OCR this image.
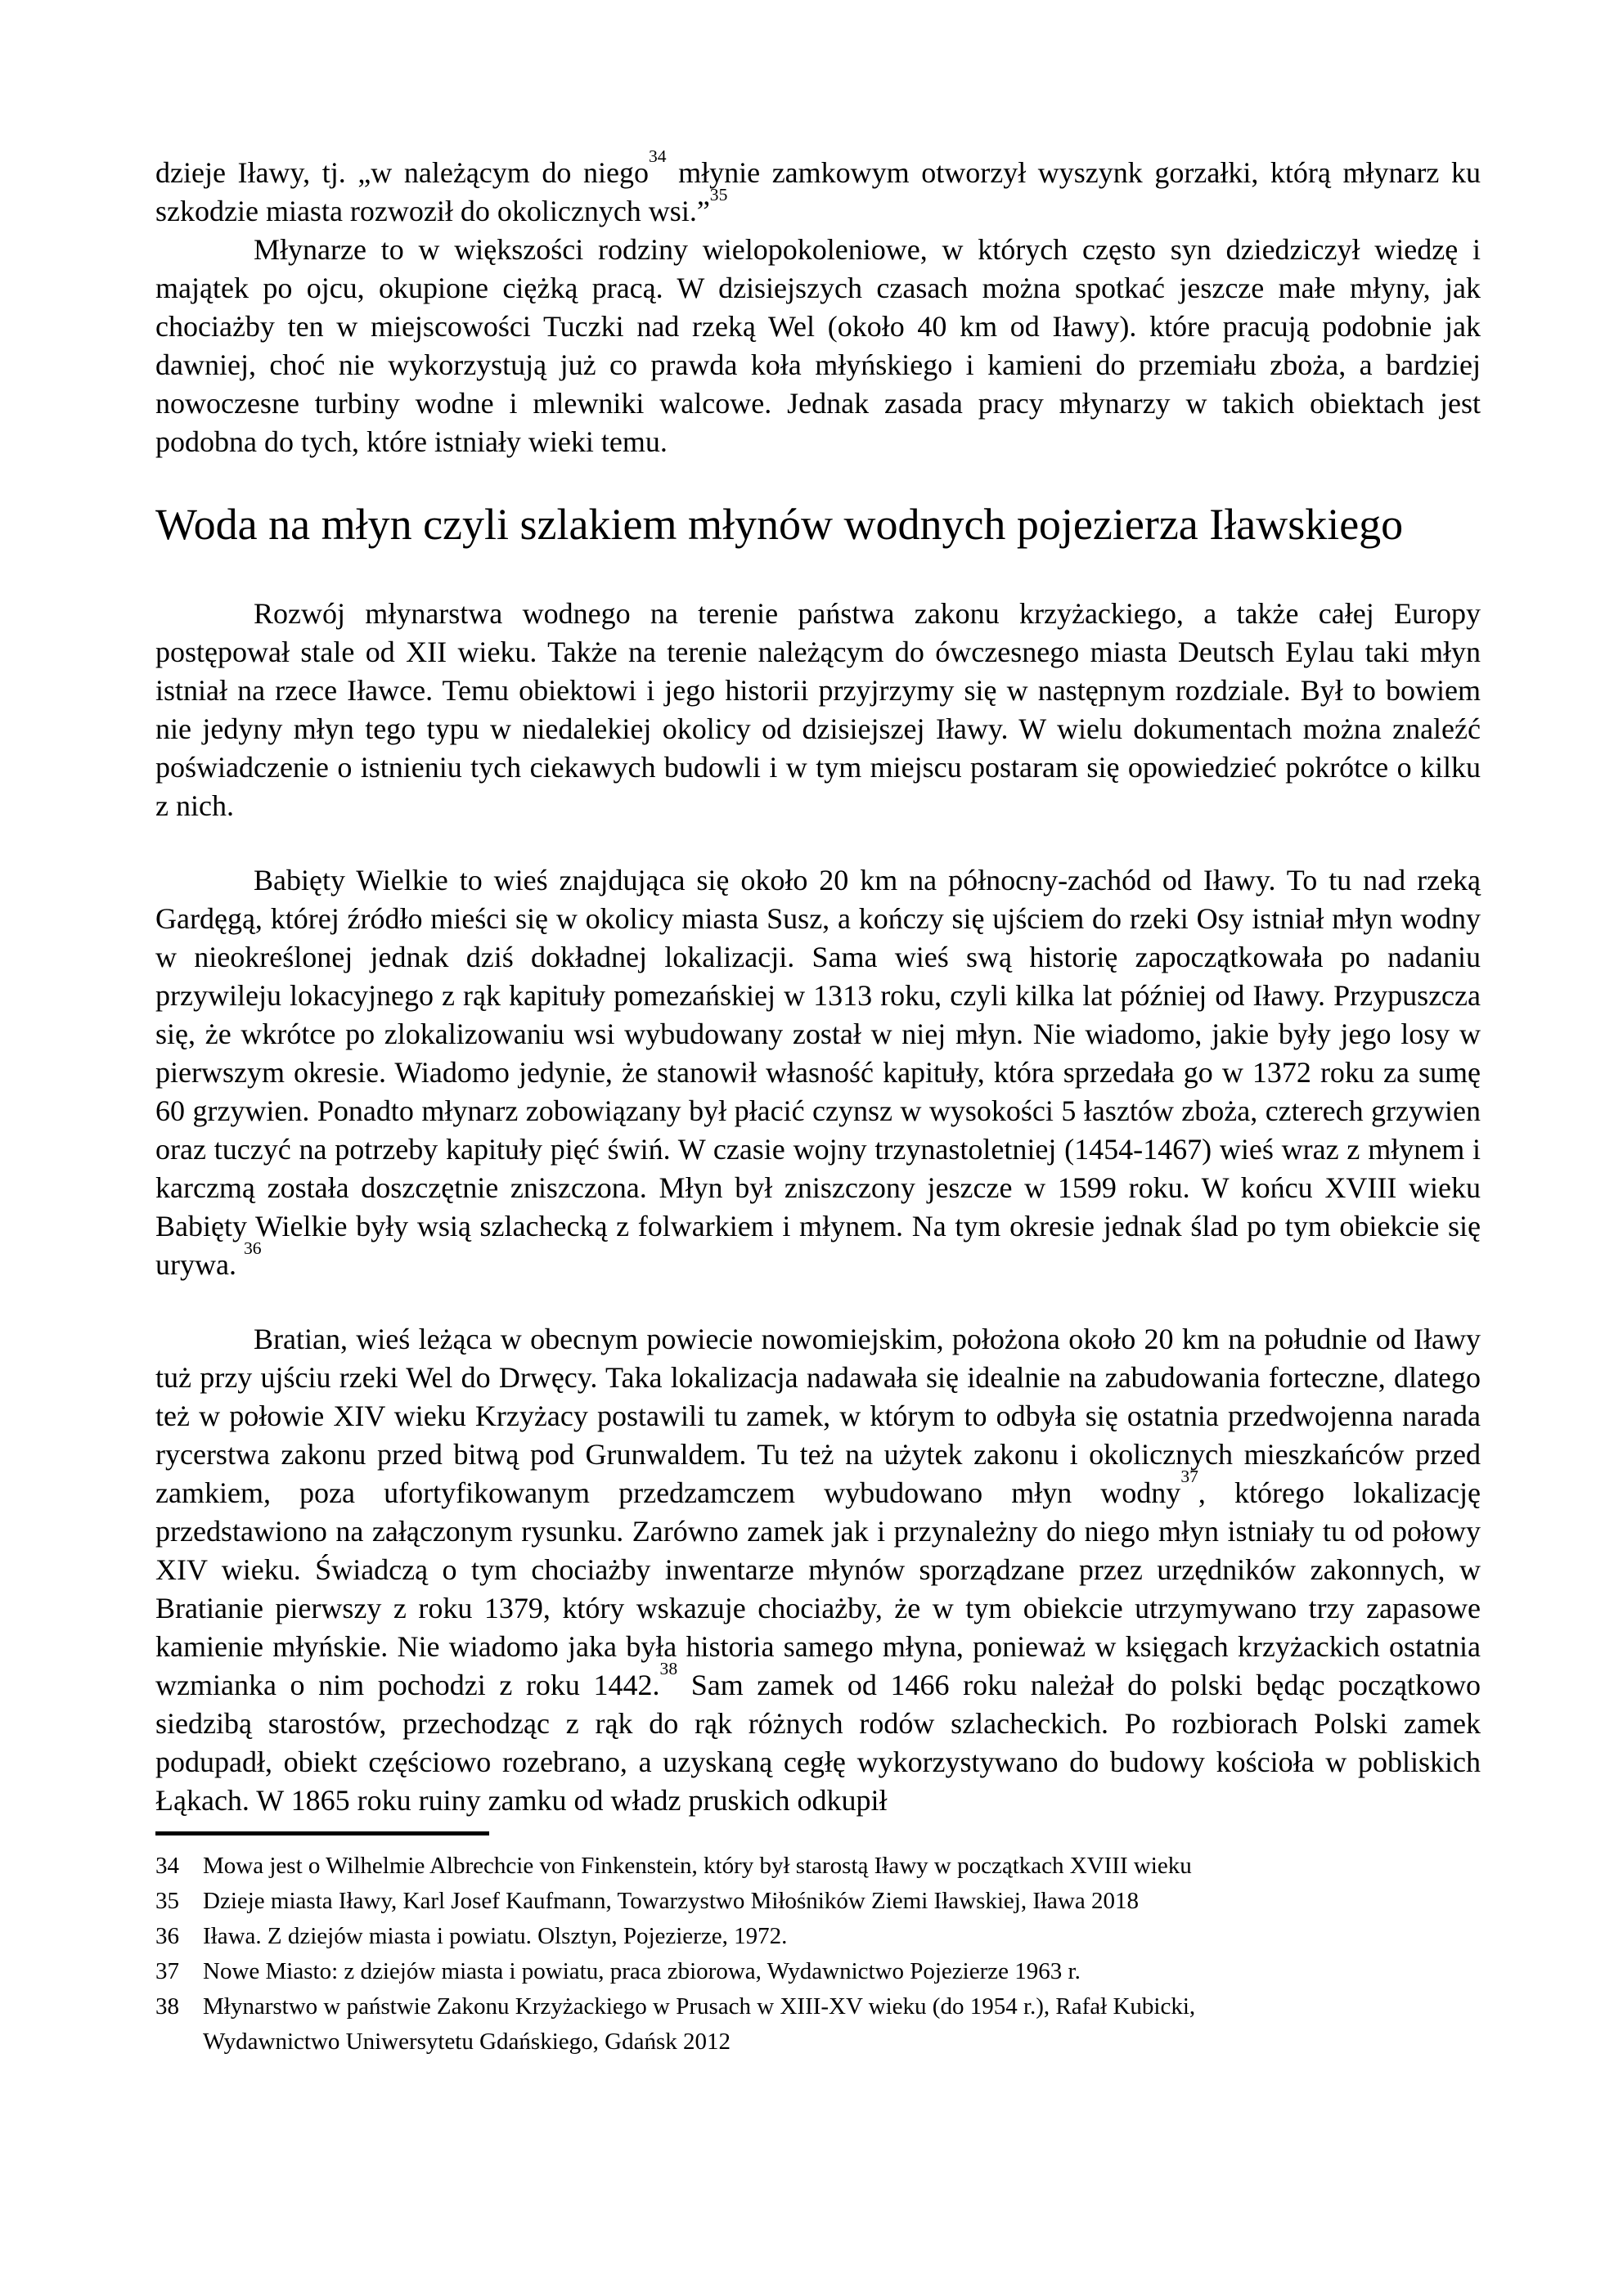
dzieje Iławy, tj. „w należącym do niego$^{34}$ młynie zamkowym otworzył wyszynk gorzałki, którą młynarz ku szkodzie miasta rozwoził do okolicznych wsi.”$^{35}$

Młynarze to w większości rodziny wielopokoleniowe, w których często syn dziedziczył wiedzę i majątek po ojcu, okupione ciężką pracą. W dzisiejszych czasach można spotkać jeszcze małe młyny, jak chociażby ten w miejscowości Tuczki nad rzeką Wel (około 40 km od Iławy). które pracują podobnie jak dawniej, choć nie wykorzystują już co prawda koła młyńskiego i kamieni do przemiału zboża, a bardziej nowoczesne turbiny wodne i mlewniki walcowe. Jednak zasada pracy młynarzy w takich obiektach jest podobna do tych, które istniały wieki temu.

Woda na młyn czyli szlakiem młynów wodnych pojezierza Iławskiego

Rozwój młynarstwa wodnego na terenie państwa zakonu krzyżackiego, a także całej Europy postępował stale od XII wieku. Także na terenie należącym do ówczesnego miasta Deutsch Eylau taki młyn istniał na rzece Iławce. Temu obiektowi i jego historii przyjrzymy się w następnym rozdziale. Był to bowiem nie jedyny młyn tego typu w niedalekiej okolicy od dzisiejszej Iławy. W wielu dokumentach można znaleźć poświadczenie o istnieniu tych ciekawych budowli i w tym miejscu postaram się opowiedzieć pokrótce o kilku z nich.

Babięty Wielkie to wieś znajdująca się około 20 km na północny-zachód od Iławy. To tu nad rzeką Gardęgą, której źródło mieści się w okolicy miasta Susz, a kończy się ujściem do rzeki Osy istniał młyn wodny w nieokreślonej jednak dziś dokładnej lokalizacji. Sama wieś swą historię zapoczątkowała po nadaniu przywileju lokacyjnego z rąk kapituły pomezańskiej w 1313 roku, czyli kilka lat później od Iławy. Przypuszcza się, że wkrótce po zlokalizowaniu wsi wybudowany został w niej młyn. Nie wiadomo, jakie były jego losy w pierwszym okresie. Wiadomo jedynie, że stanowił własność kapituły, która sprzedała go w 1372 roku za sumę 60 grzywien. Ponadto młynarz zobowiązany był płacić czynsz w wysokości 5 łasztów zboża, czterech grzywien oraz tuczyć na potrzeby kapituły pięć świń. W czasie wojny trzynastoletniej (1454-1467) wieś wraz z młynem i karczmą została doszczętnie zniszczona. Młyn był zniszczony jeszcze w 1599 roku. W końcu XVIII wieku Babięty Wielkie były wsią szlachecką z folwarkiem i młynem. Na tym okresie jednak ślad po tym obiekcie się urywa. $^{36}$

Bratian, wieś leżąca w obecnym powiecie nowomiejskim, położona około 20 km na południe od Iławy tuż przy ujściu rzeki Wel do Drwęcy. Taka lokalizacja nadawała się idealnie na zabudowania forteczne, dlatego też w połowie XIV wieku Krzyżacy postawili tu zamek, w którym to odbyła się ostatnia przedwojenna narada rycerstwa zakonu przed bitwą pod Grunwaldem. Tu też na użytek zakonu i okolicznych mieszkańców przed zamkiem, poza ufortyfikowanym przedzamczem wybudowano młyn wodny$^{37}$, którego lokalizację przedstawiono na załączonym rysunku. Zarówno zamek jak i przynależny do niego młyn istniały tu od połowy XIV wieku. Świadczą o tym chociażby inwentarze młynów sporządzane przez urzędników zakonnych, w Bratianie pierwszy z roku 1379, który wskazuje chociażby, że w tym obiekcie utrzymywano trzy zapasowe kamienie młyńskie. Nie wiadomo jaka była historia samego młyna, ponieważ w księgach krzyżackich ostatnia wzmianka o nim pochodzi z roku 1442.38 Sam zamek od 1466 roku należał do polski będąc początkowo siedzibą starostów, przechodząc z rąk do rąk różnych rodów szlacheckich. Po rozbiorach Polski zamek podupadł, obiekt częściowo rozebrano, a uzyskaną cegłę wykorzystywano do budowy kościoła w pobliskich Łąkach. W 1865 roku ruiny zamku od władz pruskich odkupił

34	Mowa jest o Wilhelmie Albrechcie von Finkenstein, który był starostą Iławy w początkach XVIII wieku
35	Dzieje miasta Iławy, Karl Josef Kaufmann, Towarzystwo Miłośników Ziemi Iławskiej, Iława 2018
36	Iława. Z dziejów miasta i powiatu. Olsztyn, Pojezierze, 1972.
37	Nowe Miasto: z dziejów miasta i powiatu, praca zbiorowa, Wydawnictwo Pojezierze 1963 r.
38	Młynarstwo w państwie Zakonu Krzyżackiego w Prusach w XIII-XV wieku (do 1954 r.), Rafał Kubicki,
Wydawnictwo Uniwersytetu Gdańskiego, Gdańsk 2012
